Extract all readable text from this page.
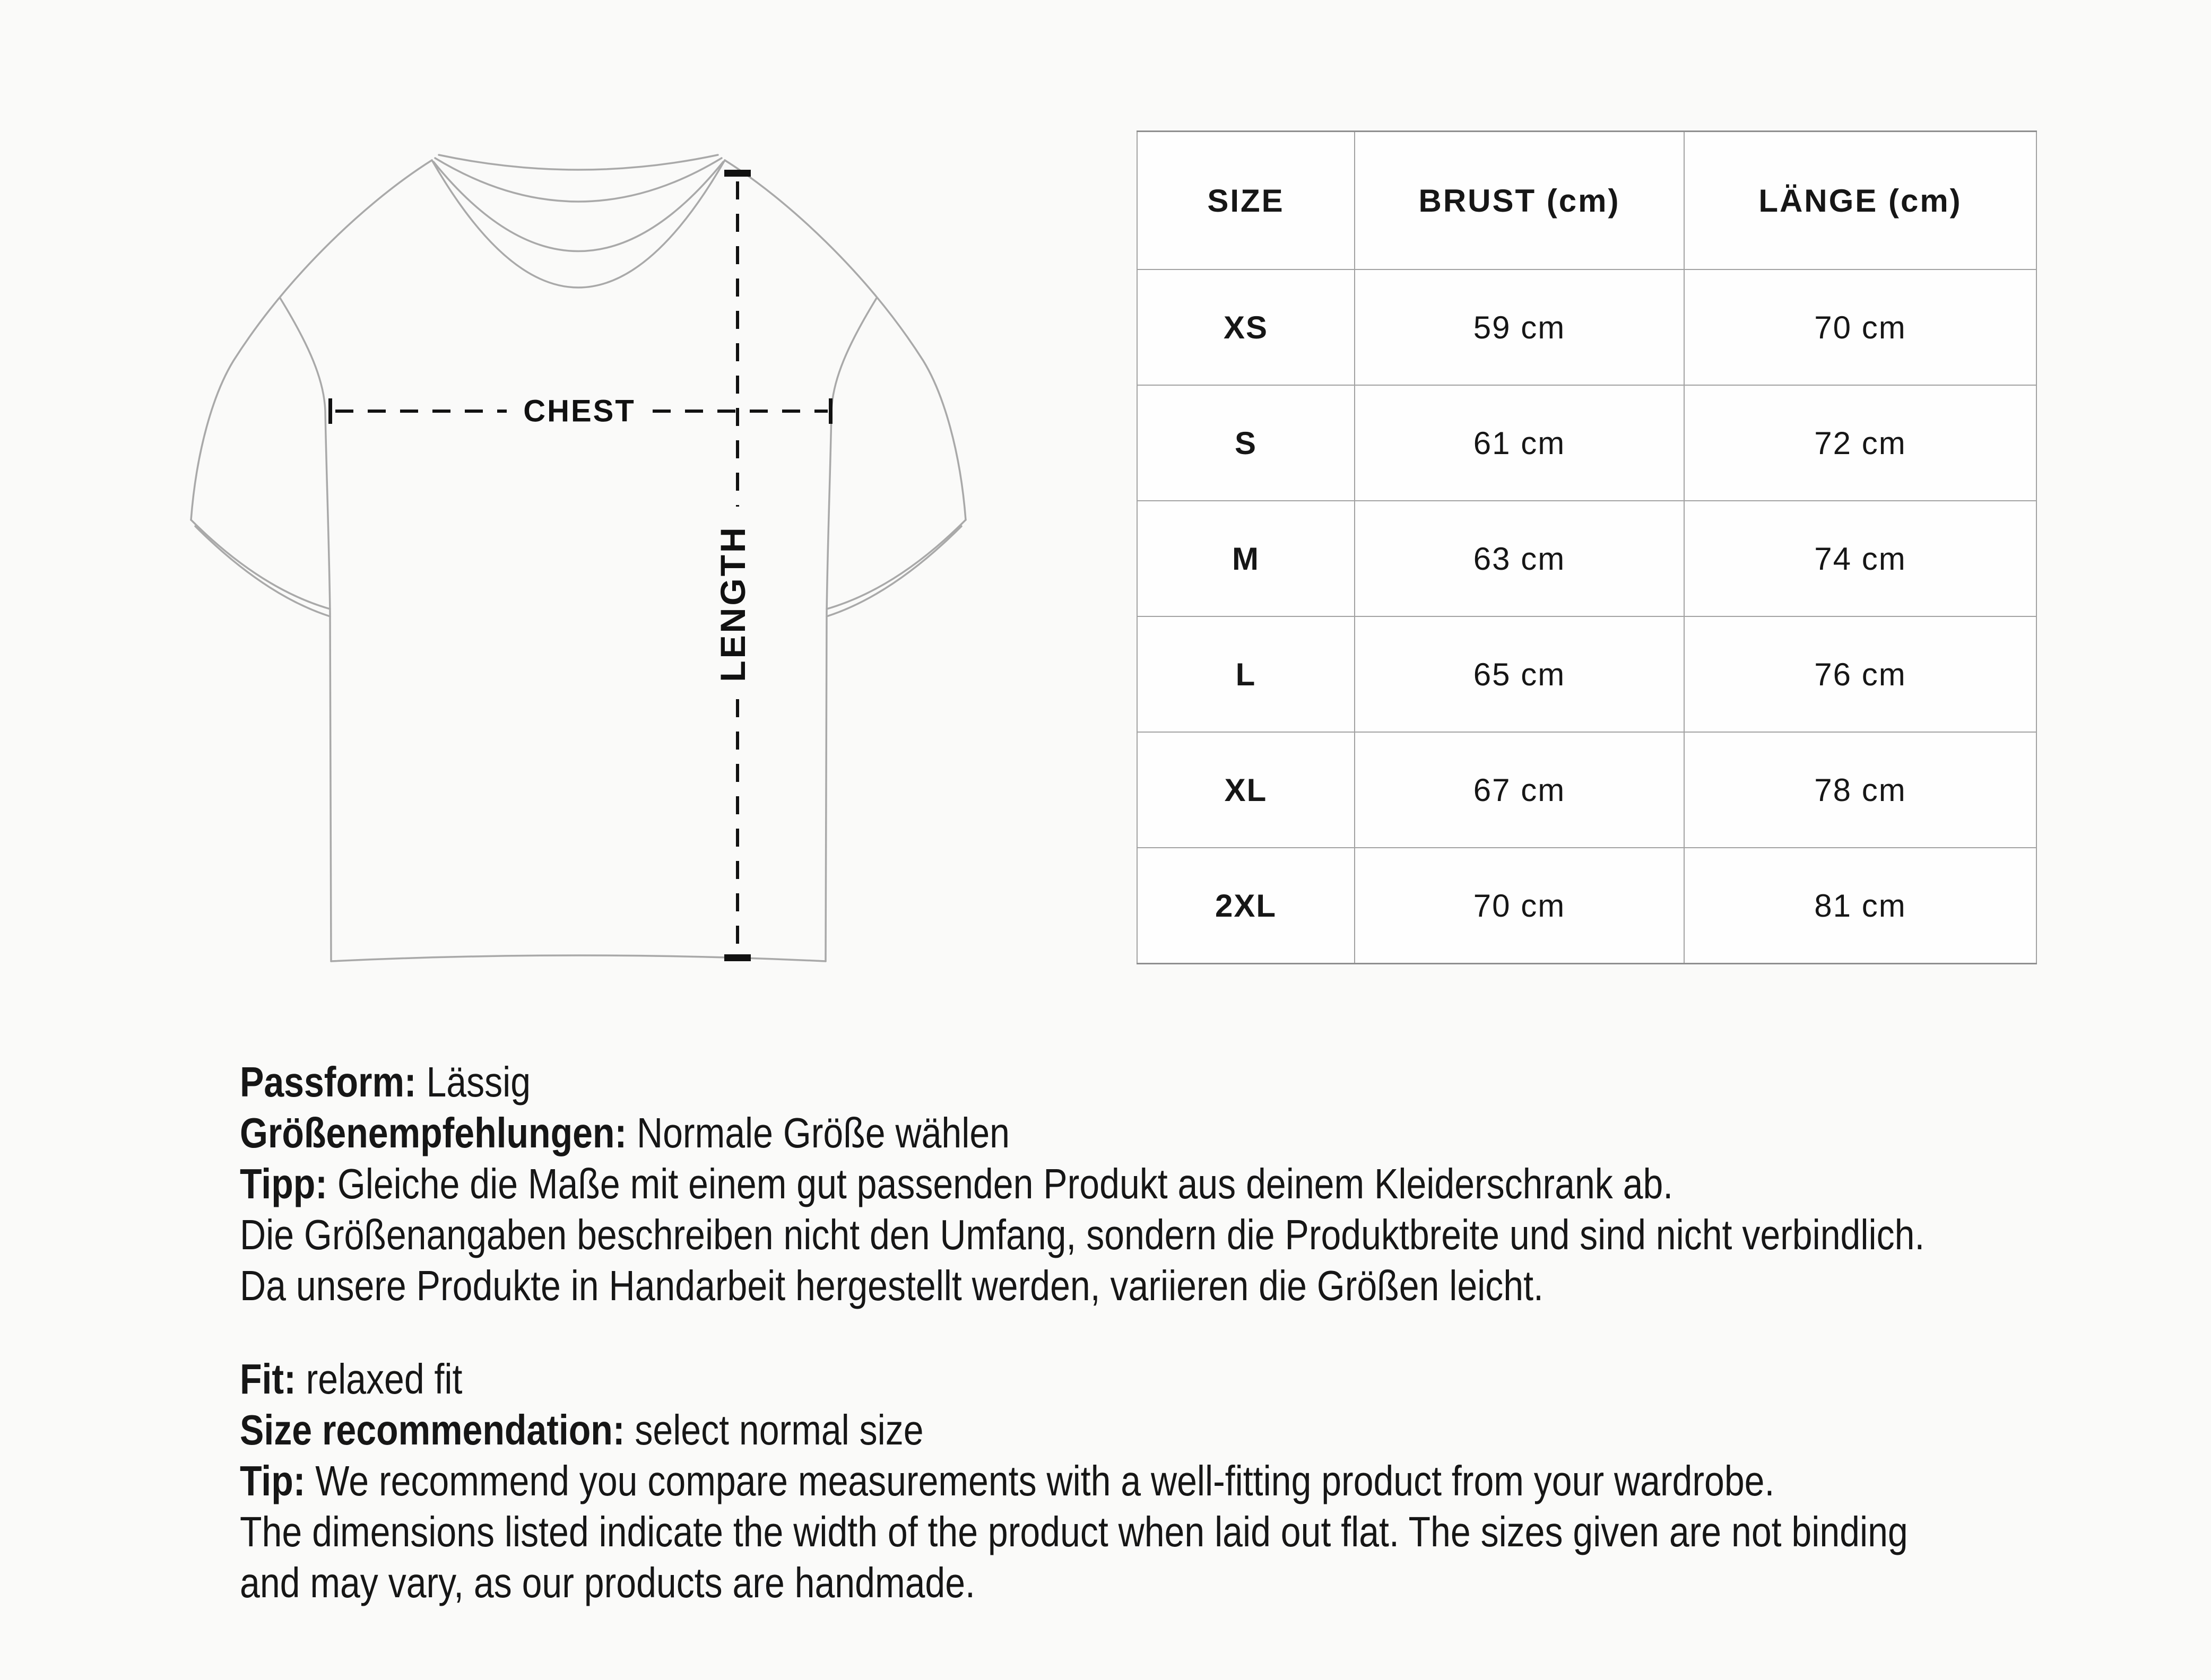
CHEST
LENGTH
SIZE	BRUST (cm)	LÄNGE (cm)
XS	59 cm	70 cm
S	61 cm	72 cm
M	63 cm	74 cm
L	65 cm	76 cm
XL	67 cm	78 cm
2XL	70 cm	81 cm
Passform: Lässig
Größenempfehlungen: Normale Größe wählen
Tipp: Gleiche die Maße mit einem gut passenden Produkt aus deinem Kleiderschrank ab.
Die Größenangaben beschreiben nicht den Umfang, sondern die Produktbreite und sind nicht verbindlich.
Da unsere Produkte in Handarbeit hergestellt werden, variieren die Größen leicht.
Fit: relaxed fit
Size recommendation: select normal size
Tip: We recommend you compare measurements with a well-fitting product from your wardrobe.
The dimensions listed indicate the width of the product when laid out flat. The sizes given are not binding
and may vary, as our products are handmade.
